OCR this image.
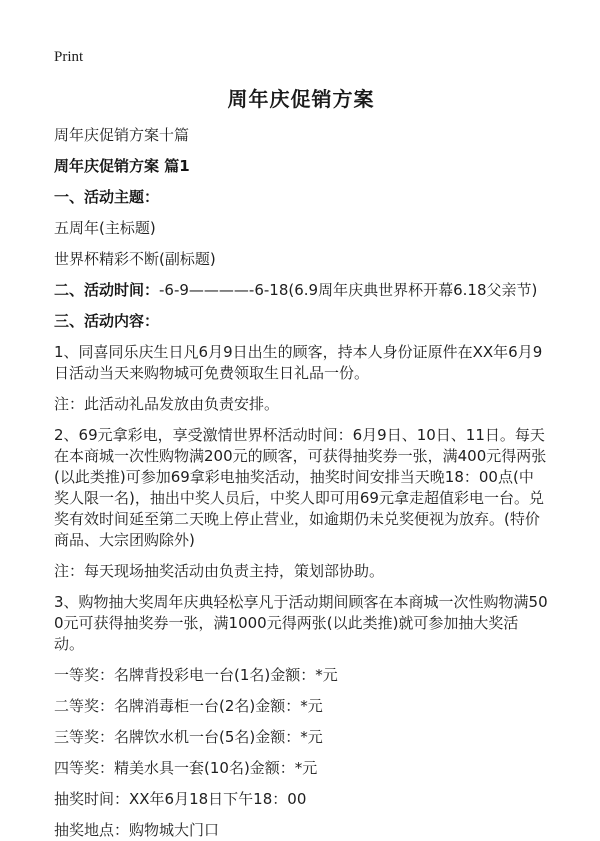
Print

周年庆促销方案

周年庆促销方案十篇

周年庆促销方案 篇1

一、活动主题：

五周年(主标题)

世界杯精彩不断(副标题)

二、活动时间：-6-9————-6-18(6.9周年庆典世界杯开幕6.18父亲节)

三、活动内容：

1、同喜同乐庆生日凡6月9日出生的顾客，持本人身份证原件在XX年6月9日活动当天来购物城可免费领取生日礼品一份。

注：此活动礼品发放由负责安排。

2、69元拿彩电，享受激情世界杯活动时间：6月9日、10日、11日。每天在本商城一次性购物满200元的顾客，可获得抽奖券一张，满400元得两张(以此类推)可参加69拿彩电抽奖活动，抽奖时间安排当天晚18：00点(中奖人限一名)，抽出中奖人员后，中奖人即可用69元拿走超值彩电一台。兑奖有效时间延至第二天晚上停止营业，如逾期仍未兑奖便视为放弃。(特价商品、大宗团购除外)

注：每天现场抽奖活动由负责主持，策划部协助。

3、购物抽大奖周年庆典轻松享凡于活动期间顾客在本商城一次性购物满500元可获得抽奖券一张，满1000元得两张(以此类推)就可参加抽大奖活动。

一等奖：名牌背投彩电一台(1名)金额：*元

二等奖：名牌消毒柜一台(2名)金额：*元

三等奖：名牌饮水机一台(5名)金额：*元

四等奖：精美水具一套(10名)金额：*元

抽奖时间：XX年6月18日下午18：00

抽奖地点：购物城大门口
